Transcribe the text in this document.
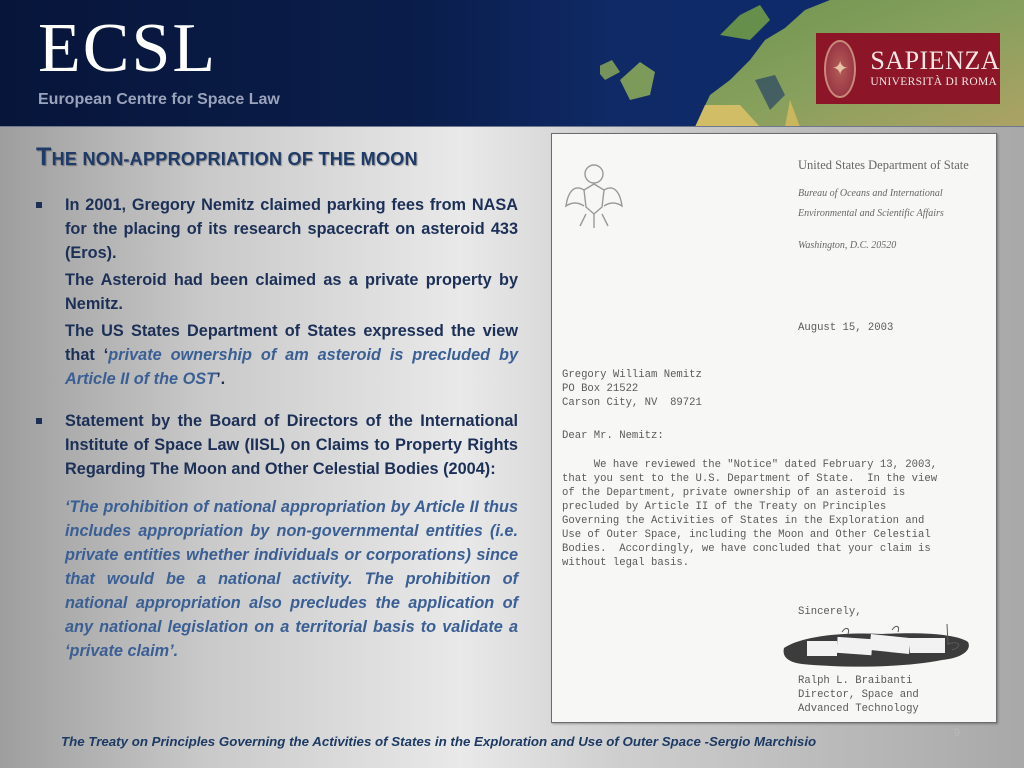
ECSL
European Centre for Space Law
✦ SAPIENZA
UNIVERSITÀ DI ROMA
THE NON-APPROPRIATION OF THE MOON
In 2001, Gregory Nemitz claimed parking fees from NASA for the placing of its research spacecraft on asteroid 433 (Eros).
The Asteroid had been claimed as a private property by Nemitz.
The US States Department of States expressed the view that ‘private ownership of am asteroid is precluded by Article II of the OST’.
Statement by the Board of Directors of the International Institute of Space Law (IISL) on Claims to Property Rights Regarding The Moon and Other Celestial Bodies (2004):
‘The prohibition of national appropriation by Article II thus includes appropriation by non-governmental entities (i.e. private entities whether individuals or corporations) since that would be a national activity. The prohibition of national appropriation also precludes the application of any national legislation on a territorial basis to validate a ‘private claim’.
United States Department of State
Bureau of Oceans and International
Environmental and Scientific Affairs
Washington, D.C. 20520
August 15, 2003
Gregory William Nemitz
PO Box 21522
Carson City, NV  89721
Dear Mr. Nemitz:
We have reviewed the "Notice" dated February 13, 2003,
that you sent to the U.S. Department of State.  In the view
of the Department, private ownership of an asteroid is
precluded by Article II of the Treaty on Principles
Governing the Activities of States in the Exploration and
Use of Outer Space, including the Moon and Other Celestial
Bodies.  Accordingly, we have concluded that your claim is
without legal basis.
Sincerely,
Ralph L. Braibanti
Director, Space and
Advanced Technology
The Treaty on Principles Governing the Activities of States in the Exploration and Use of Outer Space -Sergio Marchisio
9
